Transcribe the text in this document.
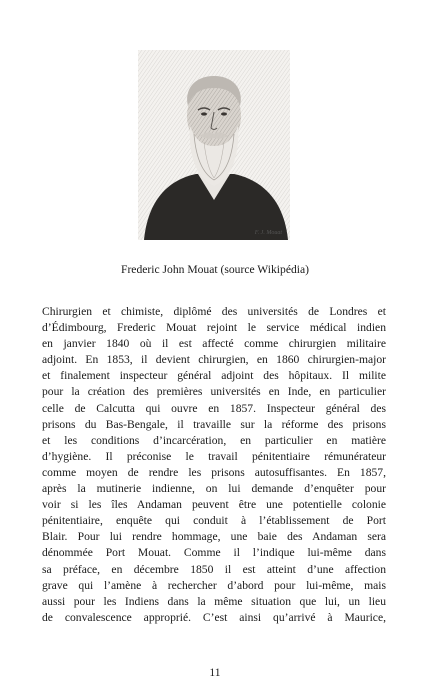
F. J. Mouat
Frederic John Mouat (source Wikipédia)
Chirurgien et chimiste, diplômé des universités de Londres et
d’Édimbourg, Frederic Mouat rejoint le service médical indien
en janvier 1840 où il est affecté comme chirurgien militaire
adjoint. En 1853, il devient chirurgien, en 1860 chirurgien-major
et finalement inspecteur général adjoint des hôpitaux. Il milite
pour la création des premières universités en Inde, en particulier
celle de Calcutta qui ouvre en 1857. Inspecteur général des
prisons du Bas-Bengale, il travaille sur la réforme des prisons
et les conditions d’incarcération, en particulier en matière
d’hygiène. Il préconise le travail pénitentiaire rémunérateur
comme moyen de rendre les prisons autosuffisantes. En 1857,
après la mutinerie indienne, on lui demande d’enquêter pour
voir si les îles Andaman peuvent être une potentielle colonie
pénitentiaire, enquête qui conduit à l’établissement de Port
Blair. Pour lui rendre hommage, une baie des Andaman sera
dénommée Port Mouat. Comme il l’indique lui-même dans
sa préface, en décembre 1850 il est atteint d’une affection
grave qui l’amène à rechercher d’abord pour lui-même, mais
aussi pour les Indiens dans la même situation que lui, un lieu
de convalescence approprié. C’est ainsi qu’arrivé à Maurice,
11
